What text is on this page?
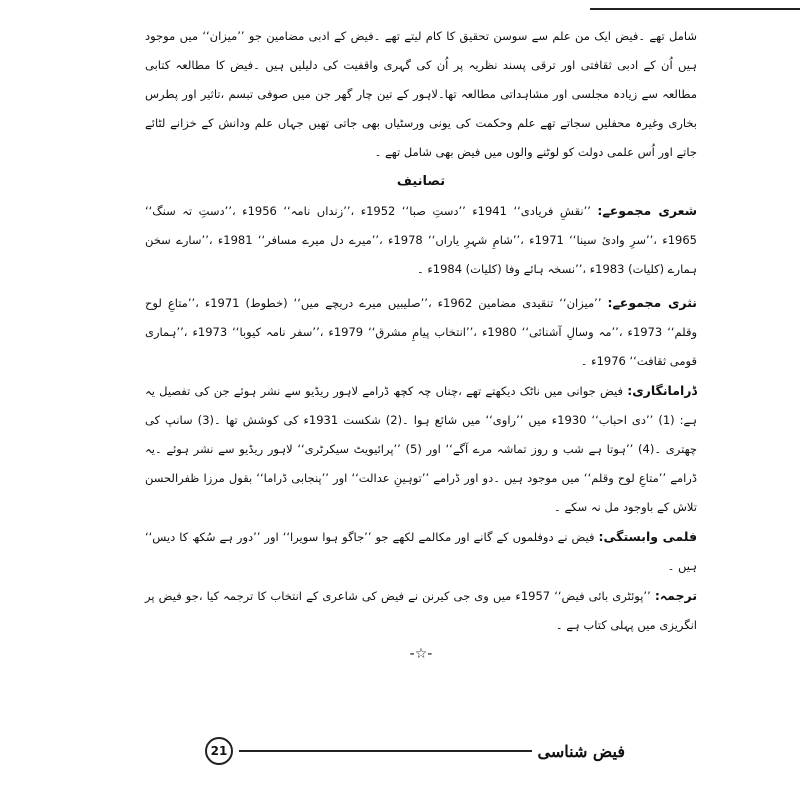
شامل تھے ۔فیض ایک من علم سے سوسن تحقیق کا کام لیتے تھے ۔فیض کے ادبی مضامین جو ’’میزان‘‘ میں موجود ہیں اُن کے ادبی ثقافتی اور ترقی پسند نظریہ پر اُن کی گہری واقفیت کی دلیلیں ہیں ۔فیض کا مطالعہ کتابی مطالعہ سے زیادہ مجلسی اور مشاہداتی مطالعہ تھا۔لاہور کے تین چار گھر جن میں صوفی تبسم ،تاثیر اور پطرس بخاری وغیرہ محفلیں سجاتے تھے علم وحکمت کی یونی ورسٹیاں بھی جاتی تھیں جہاں علم ودانش کے خزانے لٹائے جاتے اور اُس علمی دولت کو لوٹنے والوں میں فیض بھی شامل تھے ۔

تصانیف

شعری مجموعے: ’’نقشِ فریادی‘‘ 1941ء ’’دستِ صبا‘‘ 1952ء ،’’زنداں نامہ‘‘ 1956ء ،’’دستِ تہ سنگ‘‘ 1965ء ،’’سرِ وادیٔ سینا‘‘ 1971ء ،’’شامِ شہرِ یاراں‘‘ 1978ء ،’’میرے دل میرے مسافر‘‘ 1981ء ،’’سارے سخن ہمارے (کلیات) 1983ء ،’’نسخہ ہائے وفا (کلیات) 1984ء ۔

نثری مجموعے: ’’میزان‘‘ تنقیدی مضامین 1962ء ،’’صلیبیں میرے دریچے میں‘‘ (خطوط) 1971ء ،’’متاعِ لوح وقلم‘‘ 1973ء ،’’مہ وسالِ آشنائی‘‘ 1980ء ،’’انتخاب پیامِ مشرق‘‘ 1979ء ،’’سفر نامہ کیوبا‘‘ 1973ء ،’’ہماری قومی ثقافت‘‘ 1976ء ۔

ڈرامانگاری: فیض جوانی میں ناٹک دیکھتے تھے ،چناں چہ کچھ ڈرامے لاہور ریڈیو سے نشر ہوئے جن کی تفصیل یہ ہے: (1) ’’دی احباب‘‘ 1930ء میں ’’راوی‘‘ میں شائع ہوا ۔(2) شکست 1931ء کی کوشش تھا ۔(3) سانپ کی چھتری ۔(4) ’’ہوتا ہے شب و روز تماشہ مرے آگے‘‘ اور (5) ’’پرائیویٹ سیکرٹری‘‘ لاہور ریڈیو سے نشر ہوئے ۔یہ ڈرامے ’’متاعِ لوح وقلم‘‘ میں موجود ہیں ۔دو اور ڈرامے ’’توہینِ عدالت‘‘ اور ’’پنجابی ڈراما‘‘ بقول مرزا ظفرالحسن تلاش کے باوجود مل نہ سکے ۔

فلمی وابستگی: فیض نے دوفلموں کے گانے اور مکالمے لکھے جو ’’جاگو ہوا سویرا‘‘ اور ’’دور ہے سُکھ کا دیس‘‘ ہیں ۔

ترجمہ: ’’پوئٹری بائی فیض‘‘ 1957ء میں وی جی کیرنن نے فیض کی شاعری کے انتخاب کا ترجمہ کیا ،جو فیض پر انگریزی میں پہلی کتاب ہے ۔

-☆-

21	فیض شناسی
